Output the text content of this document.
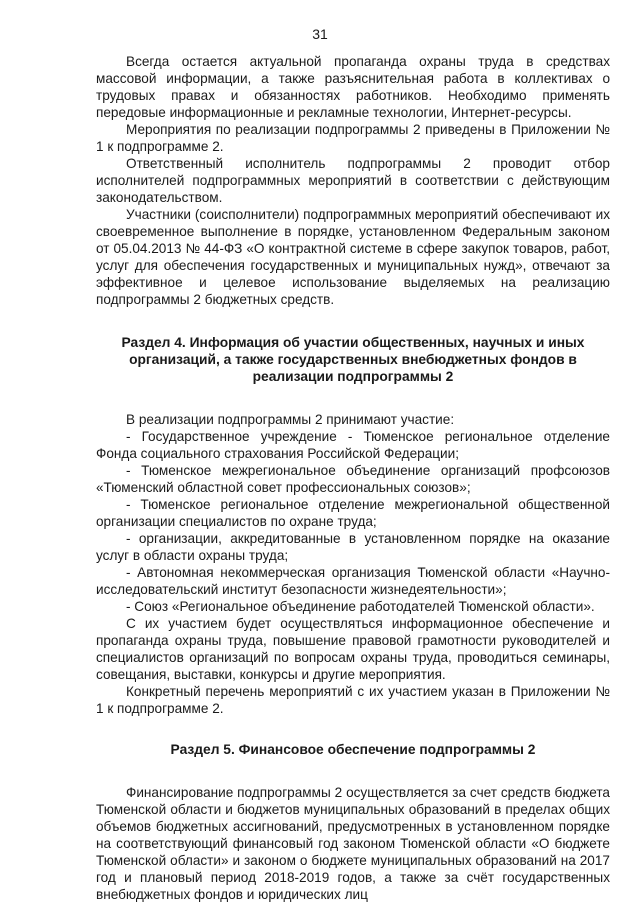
31

Всегда остается актуальной пропаганда охраны труда в средствах массовой информации, а также разъяснительная работа в коллективах о трудовых правах и обязанностях работников. Необходимо применять передовые информационные и рекламные технологии, Интернет-ресурсы.

Мероприятия по реализации подпрограммы 2 приведены в Приложении № 1 к подпрограмме 2.

Ответственный исполнитель подпрограммы 2 проводит отбор исполнителей подпрограммных мероприятий в соответствии с действующим законодательством.

Участники (соисполнители) подпрограммных мероприятий обеспечивают их своевременное выполнение в порядке, установленном Федеральным законом от 05.04.2013 № 44-ФЗ «О контрактной системе в сфере закупок товаров, работ, услуг для обеспечения государственных и муниципальных нужд», отвечают за эффективное и целевое использование выделяемых на реализацию подпрограммы 2 бюджетных средств.

Раздел 4. Информация об участии общественных, научных и иных организаций, а также государственных внебюджетных фондов в реализации подпрограммы 2

В реализации подпрограммы 2 принимают участие:

- Государственное учреждение - Тюменское региональное отделение Фонда социального страхования Российской Федерации;

- Тюменское межрегиональное объединение организаций профсоюзов «Тюменский областной совет профессиональных союзов»;

- Тюменское региональное отделение межрегиональной общественной организации специалистов по охране труда;

- организации, аккредитованные в установленном порядке на оказание услуг в области охраны труда;

- Автономная некоммерческая организация Тюменской области «Научно-исследовательский институт безопасности жизнедеятельности»;

- Союз «Региональное объединение работодателей Тюменской области».

С их участием будет осуществляться информационное обеспечение и пропаганда охраны труда, повышение правовой грамотности руководителей и специалистов организаций по вопросам охраны труда, проводиться семинары, совещания, выставки, конкурсы и другие мероприятия.

Конкретный перечень мероприятий с их участием указан в Приложении № 1 к подпрограмме 2.

Раздел 5. Финансовое обеспечение подпрограммы 2

Финансирование подпрограммы 2 осуществляется за счет средств бюджета Тюменской области и бюджетов муниципальных образований в пределах общих объемов бюджетных ассигнований, предусмотренных в установленном порядке на соответствующий финансовый год законом Тюменской области «О бюджете Тюменской области» и законом о бюджете муниципальных образований на 2017 год и плановый период 2018-2019 годов, а также за счёт государственных внебюджетных фондов и юридических лиц
